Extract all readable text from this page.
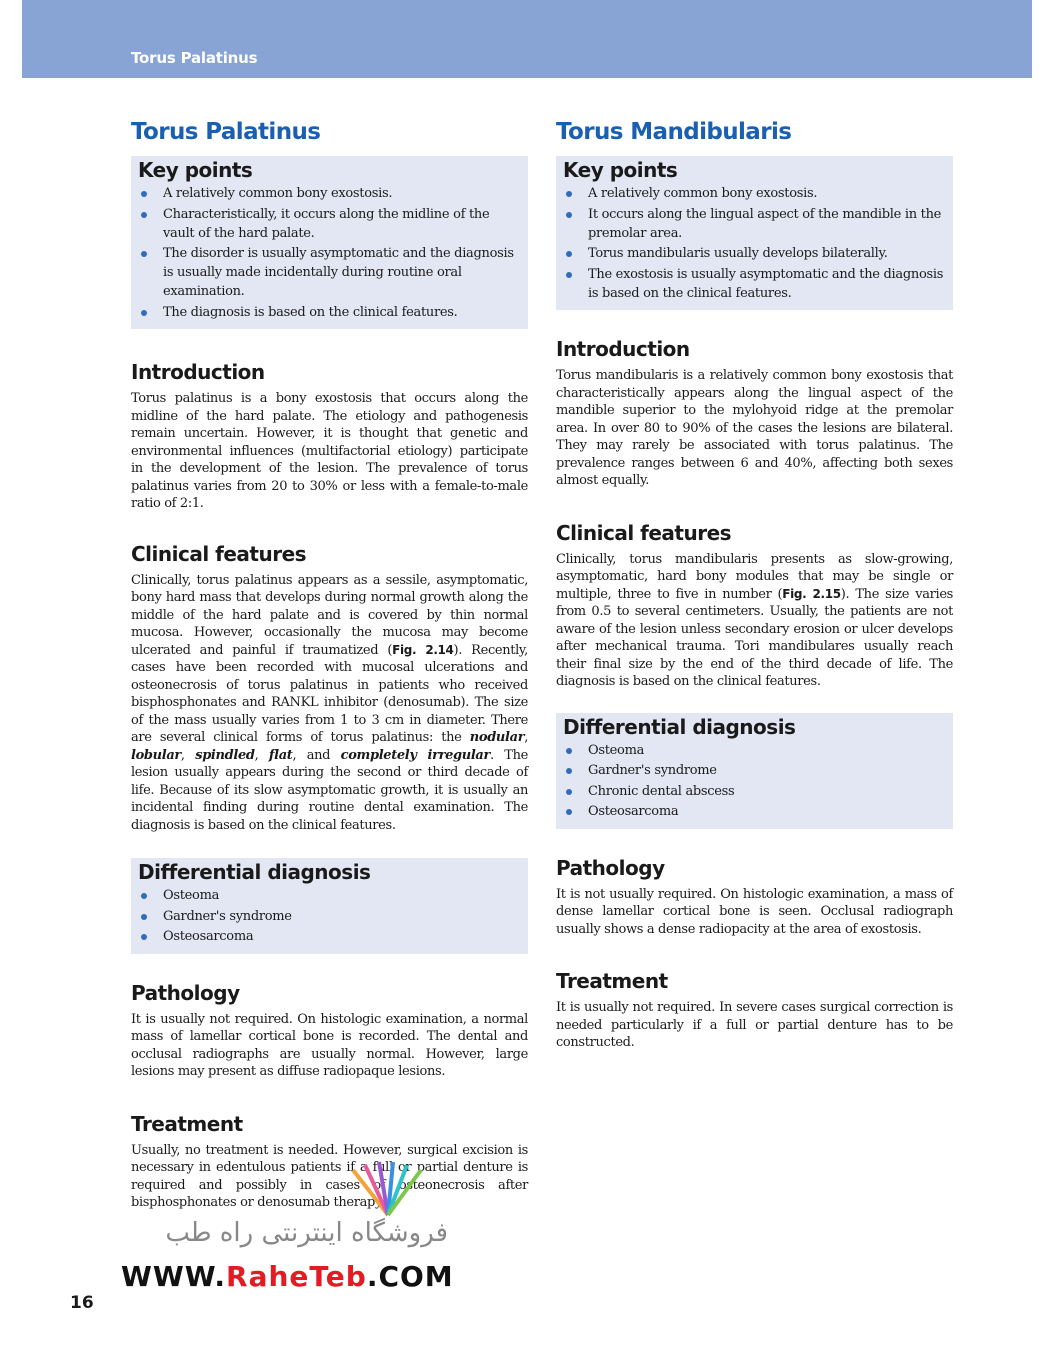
Torus Palatinus
Torus Palatinus
Key points
A relatively common bony exostosis.
Characteristically, it occurs along the midline of the vault of the hard palate.
The disorder is usually asymptomatic and the diagnosis is usually made incidentally during routine oral examination.
The diagnosis is based on the clinical features.
Introduction

Torus palatinus is a bony exostosis that occurs along the midline of the hard palate. The etiology and pathogenesis remain uncertain. However, it is thought that genetic and environmental influences (multifactorial etiology) participate in the development of the lesion. The prevalence of torus palatinus varies from 20 to 30% or less with a female-to-male ratio of 2:1.

Clinical features

Clinically, torus palatinus appears as a sessile, asymptomatic, bony hard mass that develops during normal growth along the middle of the hard palate and is covered by thin normal mucosa. However, occasionally the mucosa may become ulcerated and painful if traumatized (Fig. 2.14). Recently, cases have been recorded with mucosal ulcerations and osteonecrosis of torus palatinus in patients who received bisphosphonates and RANKL inhibitor (denosumab). The size of the mass usually varies from 1 to 3 cm in diameter. There are several clinical forms of torus palatinus: the nodular, lobular, spindled, flat, and completely irregular. The lesion usually appears during the second or third decade of life. Because of its slow asymptomatic growth, it is usually an incidental finding during routine dental examination. The diagnosis is based on the clinical features.

Differential diagnosis
Osteoma
Gardner's syndrome
Osteosarcoma
Pathology

It is usually not required. On histologic examination, a normal mass of lamellar cortical bone is recorded. The dental and occlusal radiographs are usually normal. However, large lesions may present as diffuse radiopaque lesions.

Treatment

Usually, no treatment is needed. However, surgical excision is necessary in edentulous patients if a full or partial denture is required and possibly in cases of osteonecrosis after bisphosphonates or denosumab therapy.

Torus Mandibularis
Key points
A relatively common bony exostosis.
It occurs along the lingual aspect of the mandible in the premolar area.
Torus mandibularis usually develops bilaterally.
The exostosis is usually asymptomatic and the diagnosis is based on the clinical features.
Introduction

Torus mandibularis is a relatively common bony exostosis that characteristically appears along the lingual aspect of the mandible superior to the mylohyoid ridge at the premolar area. In over 80 to 90% of the cases the lesions are bilateral. They may rarely be associated with torus palatinus. The prevalence ranges between 6 and 40%, affecting both sexes almost equally.

Clinical features

Clinically, torus mandibularis presents as slow-growing, asymptomatic, hard bony modules that may be single or multiple, three to five in number (Fig. 2.15). The size varies from 0.5 to several centimeters. Usually, the patients are not aware of the lesion unless secondary erosion or ulcer develops after mechanical trauma. Tori mandibulares usually reach their final size by the end of the third decade of life. The diagnosis is based on the clinical features.

Differential diagnosis
Osteoma
Gardner's syndrome
Chronic dental abscess
Osteosarcoma
Pathology

It is not usually required. On histologic examination, a mass of dense lamellar cortical bone is seen. Occlusal radiograph usually shows a dense radiopacity at the area of exostosis.

Treatment

It is usually not required. In severe cases surgical correction is needed particularly if a full or partial denture has to be constructed.

فروشگاه اینترنتی راه طب
WWW.RaheTeb.COM
16
